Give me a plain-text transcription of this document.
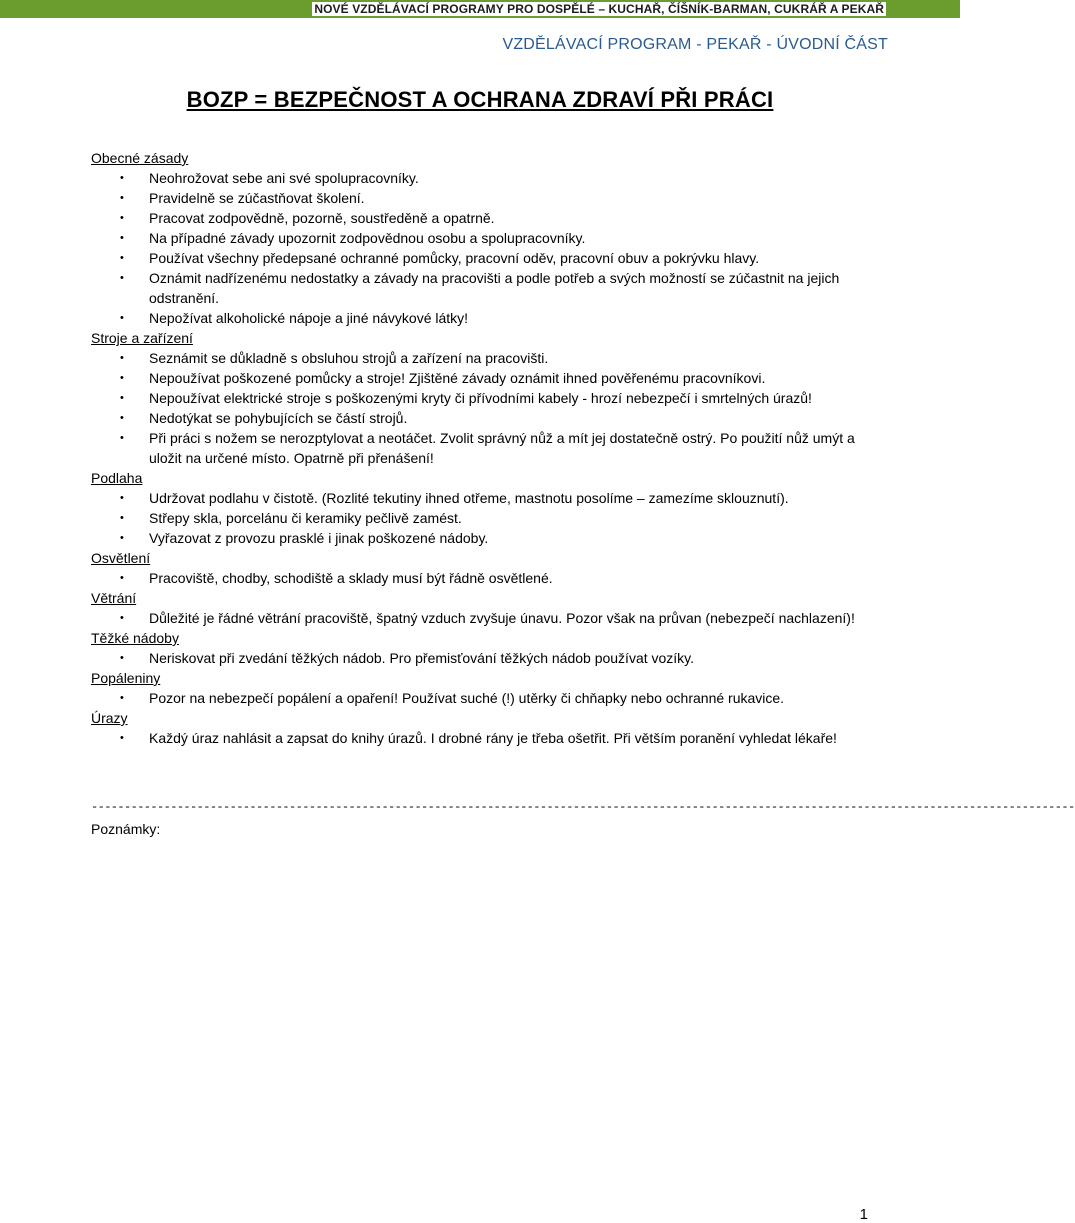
NOVÉ VZDĚLÁVACÍ PROGRAMY PRO DOSPĚLÉ – KUCHAŘ, ČÍŠNÍK-BARMAN, CUKRÁŘ A PEKAŘ
VZDĚLÁVACÍ PROGRAM - PEKAŘ - ÚVODNÍ ČÁST
BOZP = BEZPEČNOST A OCHRANA ZDRAVÍ PŘI PRÁCI
Obecné zásady
• Neohrožovat sebe ani své spolupracovníky.
• Pravidelně se zúčastňovat školení.
• Pracovat zodpovědně, pozorně, soustředěně a opatrně.
• Na případné závady upozornit zodpovědnou osobu a spolupracovníky.
• Používat všechny předepsané ochranné pomůcky, pracovní oděv, pracovní obuv a pokrývku hlavy.
• Oznámit nadřízenému nedostatky a závady na pracovišti a podle potřeb a svých možností se zúčastnit na jejich odstranění.
• Nepožívat alkoholické nápoje a jiné návykové látky!
Stroje a zařízení
• Seznámit se důkladně s obsluhou strojů a zařízení na pracovišti.
• Nepoužívat poškozené pomůcky a stroje! Zjištěné závady oznámit ihned pověřenému pracovníkovi.
• Nepoužívat elektrické stroje s poškozenými kryty či přívodními kabely - hrozí nebezpečí i smrtelných úrazů!
• Nedotýkat se pohybujících se částí strojů.
• Při práci s nožem se nerozptylovat a neotáčet. Zvolit správný nůž a mít jej dostatečně ostrý. Po použití nůž umýt a uložit na určené místo. Opatrně při přenášení!
Podlaha
• Udržovat podlahu v čistotě. (Rozlité tekutiny ihned otřeme, mastnotu posolíme – zamezíme sklouznutí).
• Střepy skla, porcelánu či keramiky pečlivě zamést.
• Vyřazovat z provozu prasklé i jinak poškozené nádoby.
Osvětlení
• Pracoviště, chodby, schodiště a sklady musí být řádně osvětlené.
Větrání
• Důležité je řádné větrání pracoviště, špatný vzduch zvyšuje únavu. Pozor však na průvan (nebezpečí nachlazení)!
Těžké nádoby
• Neriskovat při zvedání těžkých nádob. Pro přemisťování těžkých nádob používat vozíky.
Popáleniny
• Pozor na nebezpečí popálení a opaření! Používat suché (!) utěrky či chňapky nebo ochranné rukavice.
Úrazy
• Každý úraz nahlásit a zapsat do knihy úrazů. I drobné rány je třeba ošetřit. Při větším poranění vyhledat lékaře!
-----------------------------------------------------------------------------------------------------------------------------------------------------
Poznámky:
1
